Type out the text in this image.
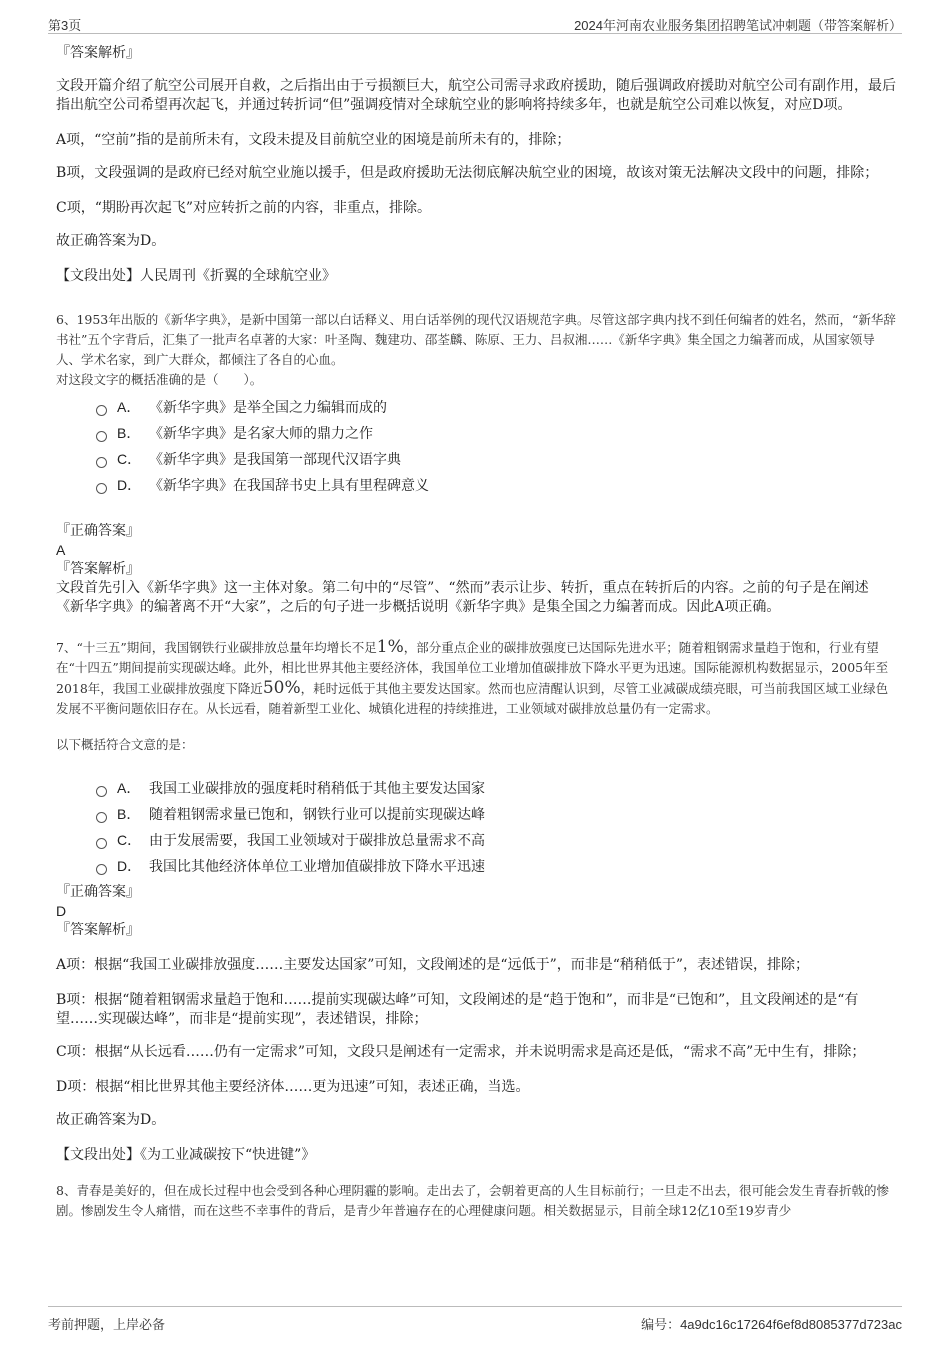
第3页	2024年河南农业服务集团招聘笔试冲刺题（带答案解析）

『答案解析』

文段开篇介绍了航空公司展开自救，之后指出由于亏损额巨大，航空公司需寻求政府援助，随后强调政府援助对航空公司有副作用，最后指出航空公司希望再次起飞，并通过转折词“但”强调疫情对全球航空业的影响将持续多年，也就是航空公司难以恢复，对应D项。

A项，“空前”指的是前所未有，文段未提及目前航空业的困境是前所未有的，排除；

B项，文段强调的是政府已经对航空业施以援手，但是政府援助无法彻底解决航空业的困境，故该对策无法解决文段中的问题，排除；

C项，“期盼再次起飞”对应转折之前的内容，非重点，排除。

故正确答案为D。

【文段出处】人民周刊《折翼的全球航空业》

6、1953年出版的《新华字典》，是新中国第一部以白话释义、用白话举例的现代汉语规范字典。尽管这部字典内找不到任何编者的姓名，然而，“新华辞书社”五个字背后，汇集了一批声名卓著的大家：叶圣陶、魏建功、邵荃麟、陈原、王力、吕叔湘……《新华字典》集全国之力编著而成，从国家领导人、学术名家，到广大群众，都倾注了各自的心血。

对这段文字的概括准确的是（　　）。

A． 《新华字典》是举全国之力编辑而成的
B． 《新华字典》是名家大师的鼎力之作
C． 《新华字典》是我国第一部现代汉语字典
D． 《新华字典》在我国辞书史上具有里程碑意义

『正确答案』

A

『答案解析』

文段首先引入《新华字典》这一主体对象。第二句中的“尽管”、“然而”表示让步、转折，重点在转折后的内容。之前的句子是在阐述《新华字典》的编著离不开“大家”，之后的句子进一步概括说明《新华字典》是集全国之力编著而成。因此A项正确。

7、“十三五”期间，我国钢铁行业碳排放总量年均增长不足1%，部分重点企业的碳排放强度已达国际先进水平；随着粗钢需求量趋于饱和，行业有望在“十四五”期间提前实现碳达峰。此外，相比世界其他主要经济体，我国单位工业增加值碳排放下降水平更为迅速。国际能源机构数据显示，2005年至2018年，我国工业碳排放强度下降近50%，耗时远低于其他主要发达国家。然而也应清醒认识到，尽管工业减碳成绩亮眼，可当前我国区域工业绿色发展不平衡问题依旧存在。从长远看，随着新型工业化、城镇化进程的持续推进，工业领域对碳排放总量仍有一定需求。

以下概括符合文意的是：

A． 我国工业碳排放的强度耗时稍稍低于其他主要发达国家
B． 随着粗钢需求量已饱和，钢铁行业可以提前实现碳达峰
C． 由于发展需要，我国工业领域对于碳排放总量需求不高
D． 我国比其他经济体单位工业增加值碳排放下降水平迅速

『正确答案』

D

『答案解析』

A项：根据“我国工业碳排放强度……主要发达国家”可知，文段阐述的是“远低于”，而非是“稍稍低于”，表述错误，排除；

B项：根据“随着粗钢需求量趋于饱和……提前实现碳达峰”可知，文段阐述的是“趋于饱和”，而非是“已饱和”，且文段阐述的是“有望……实现碳达峰”，而非是“提前实现”，表述错误，排除；

C项：根据“从长远看……仍有一定需求”可知，文段只是阐述有一定需求，并未说明需求是高还是低，“需求不高”无中生有，排除；

D项：根据“相比世界其他主要经济体……更为迅速”可知，表述正确，当选。

故正确答案为D。

【文段出处】《为工业减碳按下“快进键”》

8、青春是美好的，但在成长过程中也会受到各种心理阴霾的影响。走出去了，会朝着更高的人生目标前行；一旦走不出去，很可能会发生青春折戟的惨剧。惨剧发生令人痛惜，而在这些不幸事件的背后，是青少年普遍存在的心理健康问题。相关数据显示，目前全球12亿10至19岁青少

考前押题，上岸必备	编号：4a9dc16c17264f6ef8d8085377d723ac
